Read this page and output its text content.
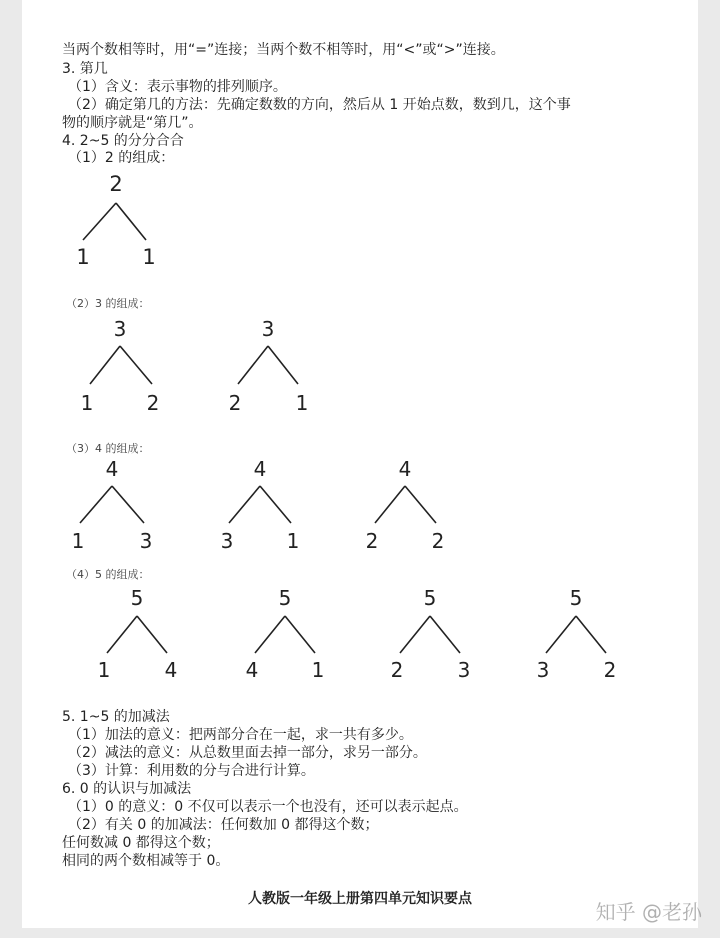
当两个数相等时，用“=”连接；当两个数不相等时，用“<”或“>”连接。
3. 第几
（1）含义：表示事物的排列顺序。
（2）确定第几的方法：先确定数数的方向，然后从 1 开始点数，数到几，这个事
物的顺序就是“第几”。
4. 2~5 的分分合合
（1）2 的组成：
2
1	1
（2）3 的组成：
3
1	2
3
2	1
（3）4 的组成：
4
1	3
4
3	1
4
2	2
（4）5 的组成：
5
1	4
5
4	1
5
2	3
5
3	2
5. 1~5 的加减法
（1）加法的意义：把两部分合在一起，求一共有多少。
（2）减法的意义：从总数里面去掉一部分，求另一部分。
（3）计算：利用数的分与合进行计算。
6. 0 的认识与加减法
（1）0 的意义：0 不仅可以表示一个也没有，还可以表示起点。
（2）有关 0 的加减法：任何数加 0 都得这个数；
任何数减 0 都得这个数；
相同的两个数相减等于 0。
人教版一年级上册第四单元知识要点
知乎 @老孙
